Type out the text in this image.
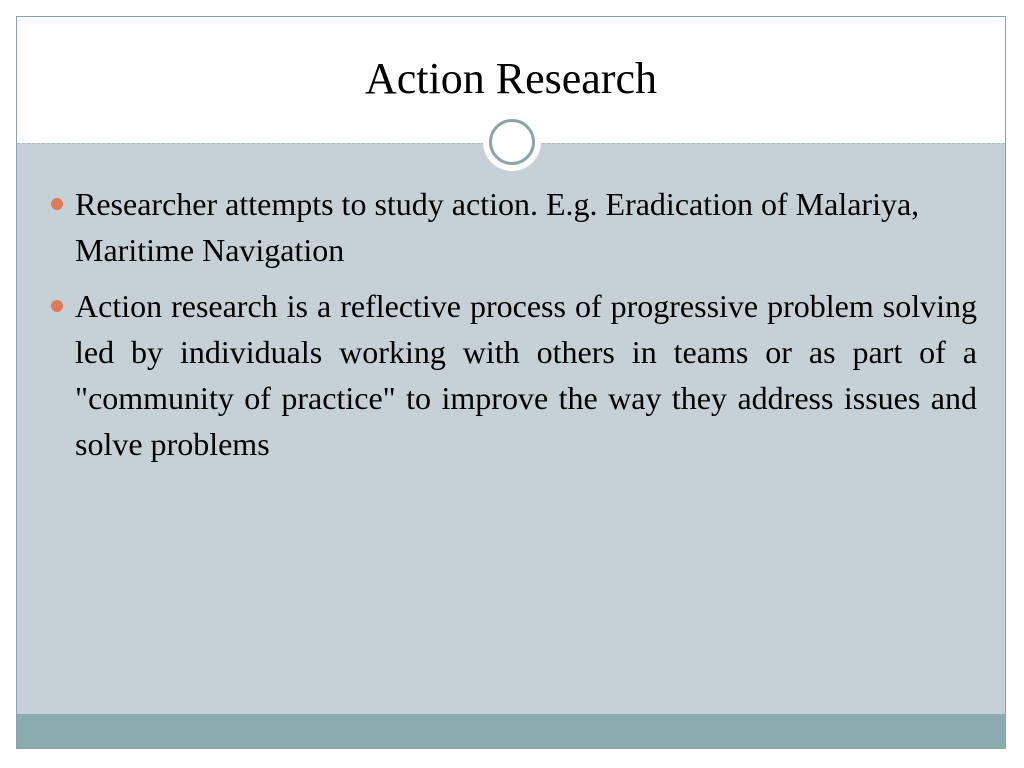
Action Research
Researcher attempts to study action. E.g. Eradication of Malariya, Maritime Navigation
Action research is a reflective process of progressive problem solving led by individuals working with others in teams or as part of a "community of practice" to improve the way they address issues and solve problems
